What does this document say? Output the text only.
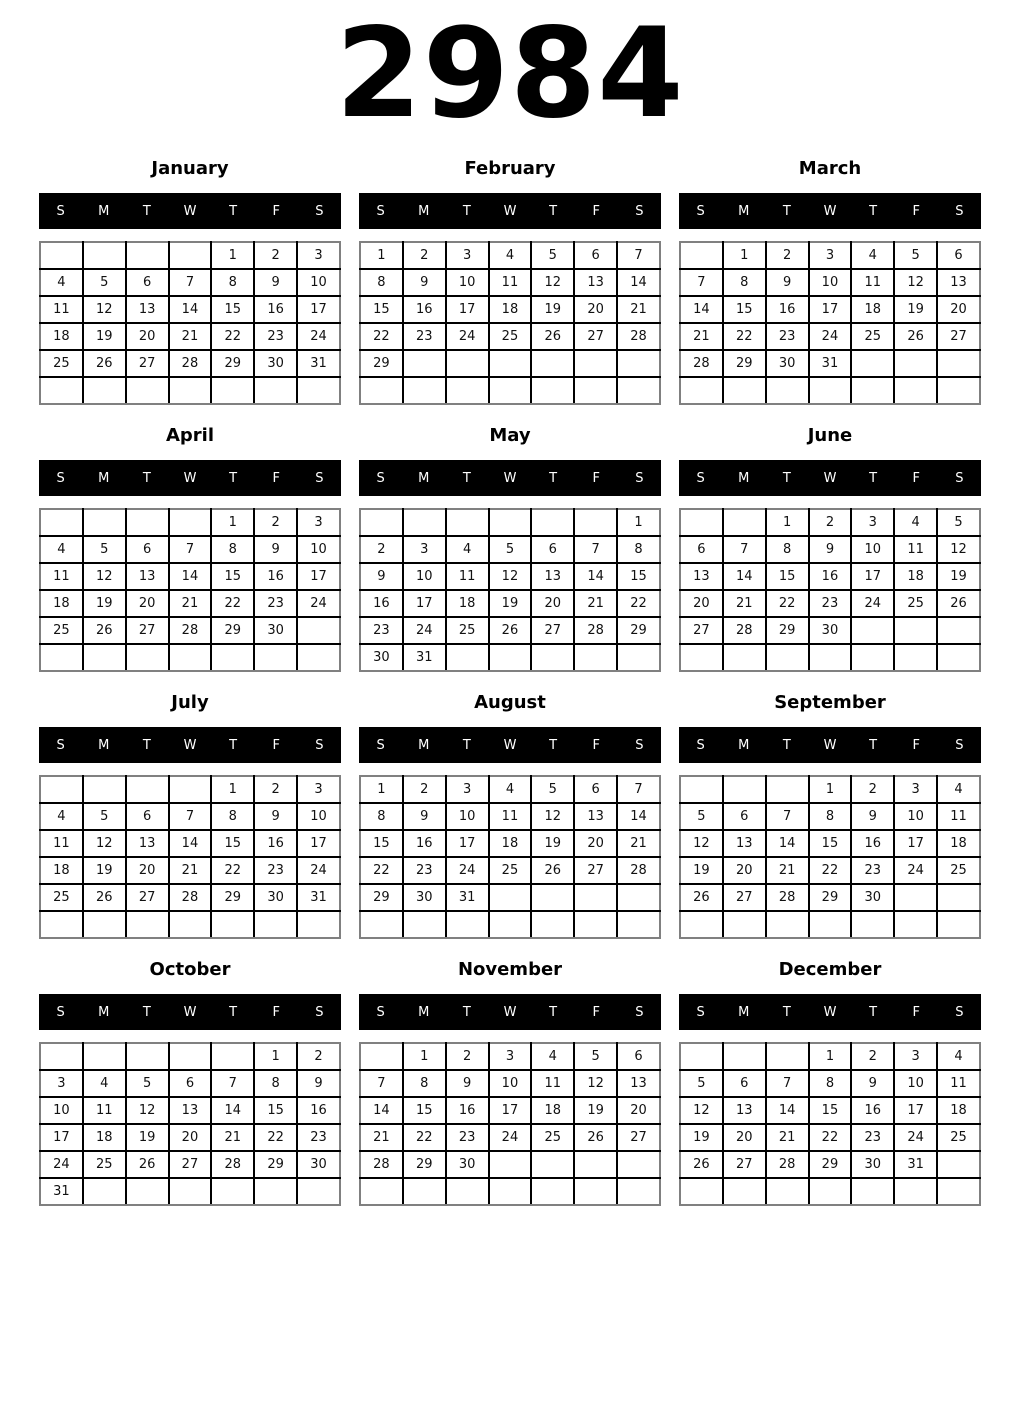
2984
January
S	M	T	W	T	F	S
				1	2	3
4	5	6	7	8	9	10
11	12	13	14	15	16	17
18	19	20	21	22	23	24
25	26	27	28	29	30	31

February
S	M	T	W	T	F	S
1	2	3	4	5	6	7
8	9	10	11	12	13	14
15	16	17	18	19	20	21
22	23	24	25	26	27	28
29						

March
S	M	T	W	T	F	S
	1	2	3	4	5	6
7	8	9	10	11	12	13
14	15	16	17	18	19	20
21	22	23	24	25	26	27
28	29	30	31			

April
S	M	T	W	T	F	S
				1	2	3
4	5	6	7	8	9	10
11	12	13	14	15	16	17
18	19	20	21	22	23	24
25	26	27	28	29	30	

May
S	M	T	W	T	F	S
						1
2	3	4	5	6	7	8
9	10	11	12	13	14	15
16	17	18	19	20	21	22
23	24	25	26	27	28	29
30	31					
June
S	M	T	W	T	F	S
		1	2	3	4	5
6	7	8	9	10	11	12
13	14	15	16	17	18	19
20	21	22	23	24	25	26
27	28	29	30			

July
S	M	T	W	T	F	S
				1	2	3
4	5	6	7	8	9	10
11	12	13	14	15	16	17
18	19	20	21	22	23	24
25	26	27	28	29	30	31

August
S	M	T	W	T	F	S
1	2	3	4	5	6	7
8	9	10	11	12	13	14
15	16	17	18	19	20	21
22	23	24	25	26	27	28
29	30	31				

September
S	M	T	W	T	F	S
			1	2	3	4
5	6	7	8	9	10	11
12	13	14	15	16	17	18
19	20	21	22	23	24	25
26	27	28	29	30		

October
S	M	T	W	T	F	S
					1	2
3	4	5	6	7	8	9
10	11	12	13	14	15	16
17	18	19	20	21	22	23
24	25	26	27	28	29	30
31						
November
S	M	T	W	T	F	S
	1	2	3	4	5	6
7	8	9	10	11	12	13
14	15	16	17	18	19	20
21	22	23	24	25	26	27
28	29	30				

December
S	M	T	W	T	F	S
			1	2	3	4
5	6	7	8	9	10	11
12	13	14	15	16	17	18
19	20	21	22	23	24	25
26	27	28	29	30	31	
